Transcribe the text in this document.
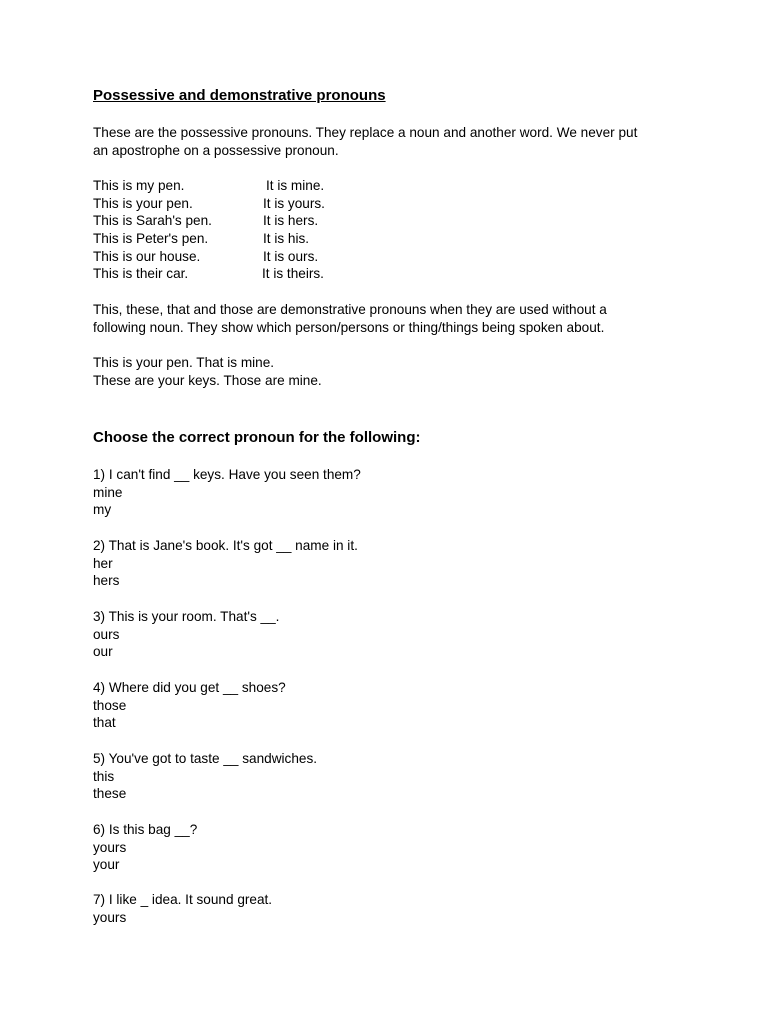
Possessive and demonstrative pronouns

These are the possessive pronouns. They replace a noun and another word. We never put

an apostrophe on a possessive pronoun.

This is my pen.	It is mine.
This is your pen.	It is yours.
This is Sarah's pen.	It is hers.
This is Peter's pen.	It is his.
This is our house.	It is ours.
This is their car.	It is theirs.

This, these, that and those are demonstrative pronouns when they are used without a

following noun. They show which person/persons or thing/things being spoken about.

This is your pen. That is mine.

These are your keys. Those are mine.

Choose the correct pronoun for the following:
1) I can't find __ keys. Have you seen them?
mine
my
2) That is Jane's book. It's got __ name in it.
her
hers
3) This is your room. That's __.
ours
our
4) Where did you get __ shoes?
those
that
5) You've got to taste __ sandwiches.
this
these
6) Is this bag __?
yours
your
7) I like _ idea. It sound great.
yours
